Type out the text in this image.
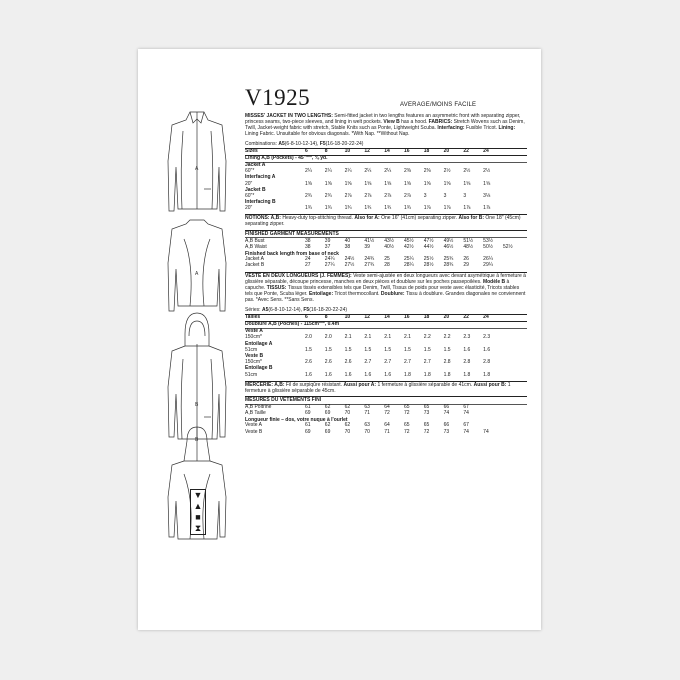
A
A
B
B
▼
▲
■
⧗
V1925	AVERAGE/MOINS FACILE

MISSES' JACKET IN TWO LENGTHS: Semi-fitted jacket in two lengths features an asymmetric front with separating zipper, princess seams, two-piece sleeves, and lining in welt pockets. View B has a hood. FABRICS: Stretch Wovens such as Denim, Twill, Jacket-weight fabric with stretch, Stable Knits such as Ponte, Lightweight Scuba. Interfacing: Fusible Tricot. Lining: Lining Fabric. Unsuitable for obvious diagonals. *With Nap. **Without Nap.

Combinations: A5(6-8-10-12-14), F5(16-18-20-22-24)
Sizes	6	8	10	12	14	16	18	20	22	24
Lining A,B (Pockets) - 45"***, ⅜ yd.
Jacket A
60"*	2¼	2¼	2¼	2¼	2¼	2⅜	2⅜	2½	2½	2½
Interfacing A
20"	1⅝	1⅝	1⅝	1⅝	1⅝	1⅝	1⅝	1⅝	1⅝	1⅝
Jacket B
60"*	2¾	2¾	2⅞	2⅞	2⅞	2⅞	3	3	3	3⅛
Interfacing B
20"	1¾	1¾	1¾	1¾	1¾	1¾	1⅞	1⅞	1⅞	1⅞

NOTIONS: A,B: Heavy-duty top-stitching thread. Also for A: One 16" (41cm) separating zipper. Also for B: One 18" (45cm) separating zipper.

FINISHED GARMENT MEASUREMENTS
A,B Bust	38	39	40	41½	43½	45½	47½	49½	51½	53½
A,B Waist	38	37	38	39	40½	42½	44½	46½	48½	50½	52½
Finished back length from base of neck
Jacket A	24	24¼	24½	24¾	25	25¼	25½	25¾	26	26¼
Jacket B	27	27¼	27½	27¾	28	28¼	28½	28¾	29	29¼

VESTE EN DEUX LONGUEURS (J. FEMMES): Veste semi-ajustée en deux longueurs avec devant asymétrique à fermeture à glissière séparable, découpe princesse, manches en deux pièces et doublure sur les poches passepoilées. Modèle B à capuche. TISSUS: Tissus tissés extensibles tels que Denim, Twill, Tissus de poids pour veste avec élasticité, Tricots stables tels que Ponte, Scuba léger. Entoilage: Tricot thermocollant. Doublure: Tissu à doublure. Grandes diagonales ne conviennent pas. *Avec Sens. **Sans Sens.

Séries: A5(6-8-10-12-14), F5(16-18-20-22-24)
Tailles	6	8	10	12	14	16	18	20	22	24
Doublure A,B (Poches) - 115cm***, 0.4m
Veste A
150cm*	2.0	2.0	2.1	2.1	2.1	2.1	2.2	2.2	2.3	2.3
Entoilage A
51cm	1.5	1.5	1.5	1.5	1.5	1.5	1.5	1.5	1.6	1.6
Veste B
150cm*	2.6	2.6	2.6	2.7	2.7	2.7	2.7	2.8	2.8	2.8
Entoilage B
51cm	1.6	1.6	1.6	1.6	1.6	1.8	1.8	1.8	1.8	1.8

MERCERIE: A,B: Fil de surpiqûre résistant. Aussi pour A: 1 fermeture à glissière séparable de 41cm. Aussi pour B: 1 fermeture à glissière séparable de 45cm.

MESURES DU VÊTEMENTS FINI
A,B Poitrine	61	62	62	63	64	65	65	66	67
A,B Taille	69	69	70	71	72	72	73	74	74
Longueur finie – dos, votre nuque à l'ourlet
Veste A	61	62	62	63	64	65	65	66	67
Veste B	69	69	70	70	71	72	72	73	74	74
